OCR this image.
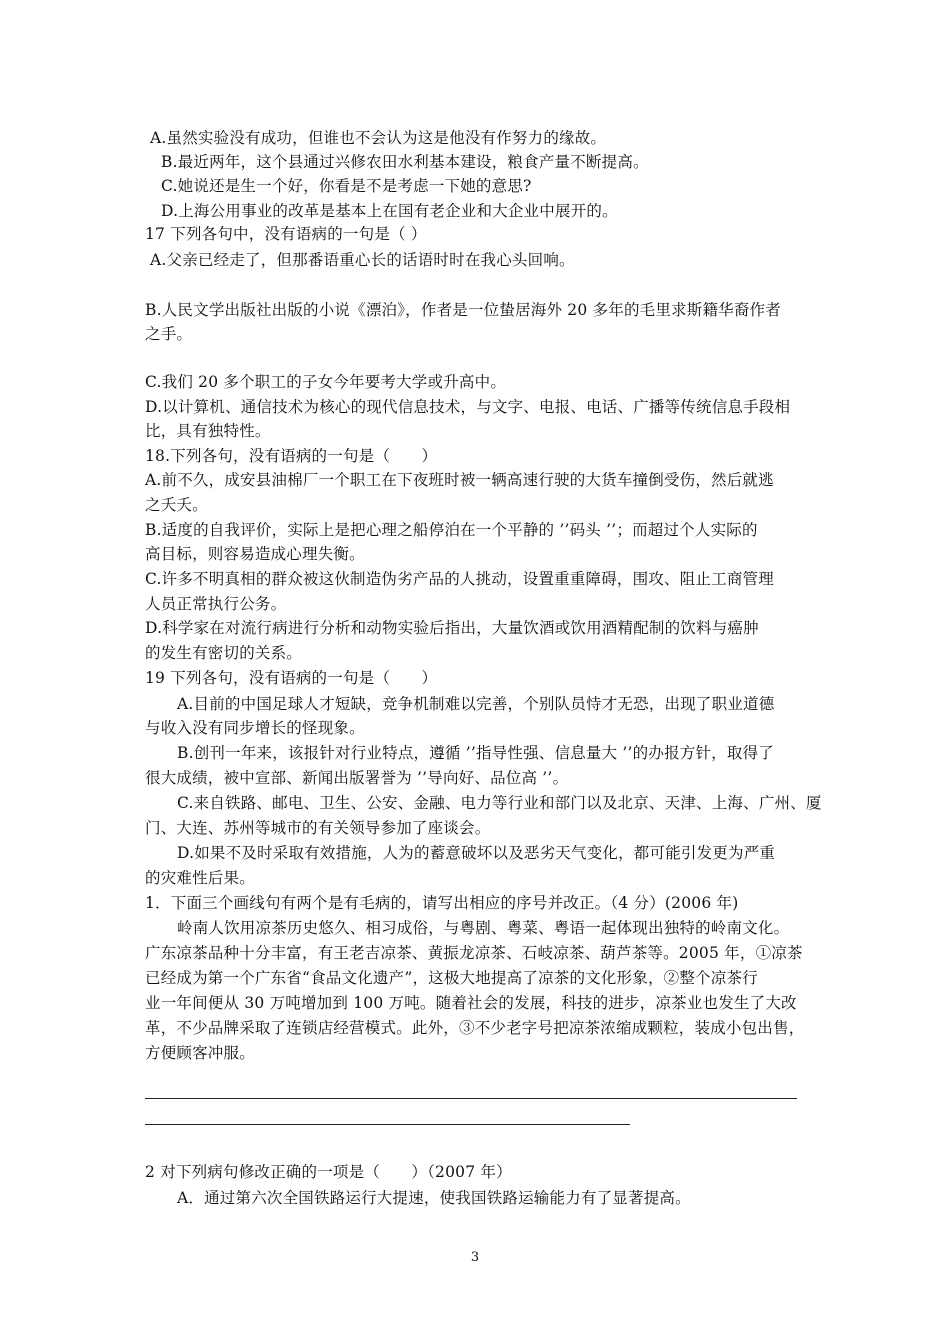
A.虽然实验没有成功，但谁也不会认为这是他没有作努力的缘故。
B.最近两年，这个县通过兴修农田水利基本建设，粮食产量不断提高。
C.她说还是生一个好，你看是不是考虑一下她的意思?
D.上海公用事业的改革是基本上在国有老企业和大企业中展开的。
17 下列各句中，没有语病的一句是（ ）
A.父亲已经走了，但那番语重心长的话语时时在我心头回响。
B.人民文学出版社出版的小说《漂泊》，作者是一位蛰居海外 20 多年的毛里求斯籍华裔作者
之手。
C.我们 20 多个职工的子女今年要考大学或升高中。
D.以计算机、通信技术为核心的现代信息技术，与文字、电报、电话、广播等传统信息手段相
比，具有独特性。
18.下列各句，没有语病的一句是（　　）
A.前不久，成安县油棉厂一个职工在下夜班时被一辆高速行驶的大货车撞倒受伤，然后就逃
之夭夭。
B.适度的自我评价，实际上是把心理之船停泊在一个平静的 ’’码头 ’’；而超过个人实际的
高目标，则容易造成心理失衡。
C.许多不明真相的群众被这伙制造伪劣产品的人挑动，设置重重障碍，围攻、阻止工商管理
人员正常执行公务。
D.科学家在对流行病进行分析和动物实验后指出，大量饮酒或饮用酒精配制的饮料与癌肿
的发生有密切的关系。
19 下列各句，没有语病的一句是（　　）
A.目前的中国足球人才短缺，竞争机制难以完善，个别队员恃才无恐，出现了职业道德
与收入没有同步增长的怪现象。
B.创刊一年来，该报针对行业特点，遵循 ’’指导性强、信息量大 ’’的办报方针，取得了
很大成绩，被中宣部、新闻出版署誉为 ’’导向好、品位高 ’’。
C.来自铁路、邮电、卫生、公安、金融、电力等行业和部门以及北京、天津、上海、广州、厦
门、大连、苏州等城市的有关领导参加了座谈会。
D.如果不及时采取有效措施，人为的蓄意破坏以及恶劣天气变化，都可能引发更为严重
的灾难性后果。
1．下面三个画线句有两个是有毛病的，请写出相应的序号并改正。（4 分）(2006 年)
岭南人饮用凉茶历史悠久、相习成俗，与粤剧、粤菜、粤语一起体现出独特的岭南文化。
广东凉茶品种十分丰富，有王老吉凉茶、黄振龙凉茶、石岐凉茶、葫芦茶等。2005 年，①凉茶
已经成为第一个广东省“食品文化遗产”，这极大地提高了凉茶的文化形象，②整个凉茶行
业一年间便从 30 万吨增加到 100 万吨。随着社会的发展，科技的进步，凉茶业也发生了大改
革，不少品牌采取了连锁店经营模式。此外，③不少老字号把凉茶浓缩成颗粒，装成小包出售，
方便顾客冲服。
2 对下列病句修改正确的一项是（　　）（2007 年）
A．通过第六次全国铁路运行大提速，使我国铁路运输能力有了显著提高。
3
